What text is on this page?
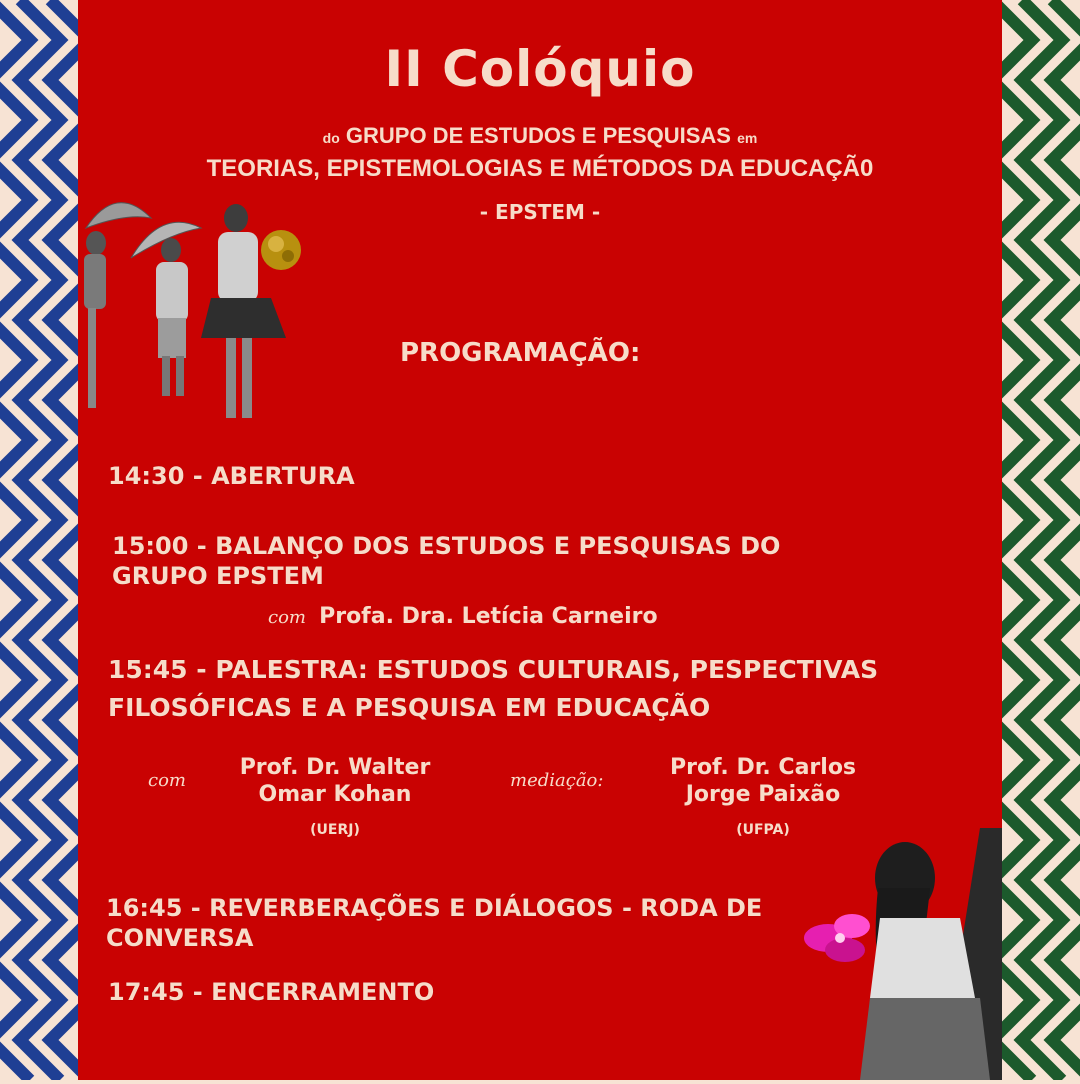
II Colóquio

do GRUPO DE ESTUDOS E PESQUISAS em

TEORIAS, EPISTEMOLOGIAS E MÉTODOS DA EDUCAÇÃ0

- EPSTEM -

PROGRAMAÇÃO:

14:30 - ABERTURA

15:00 - BALANÇO DOS ESTUDOS E PESQUISAS DO

GRUPO EPSTEM

com Profa. Dra. Letícia Carneiro

15:45 - PALESTRA: ESTUDOS CULTURAIS, PESPECTIVAS

FILOSÓFICAS E A PESQUISA EM EDUCAÇÃO

com

Prof. Dr. Walter

Omar Kohan

(UERJ)

mediação:

Prof. Dr. Carlos

Jorge Paixão

(UFPA)

16:45 - REVERBERAÇÕES E DIÁLOGOS - RODA DE

CONVERSA

17:45 - ENCERRAMENTO
